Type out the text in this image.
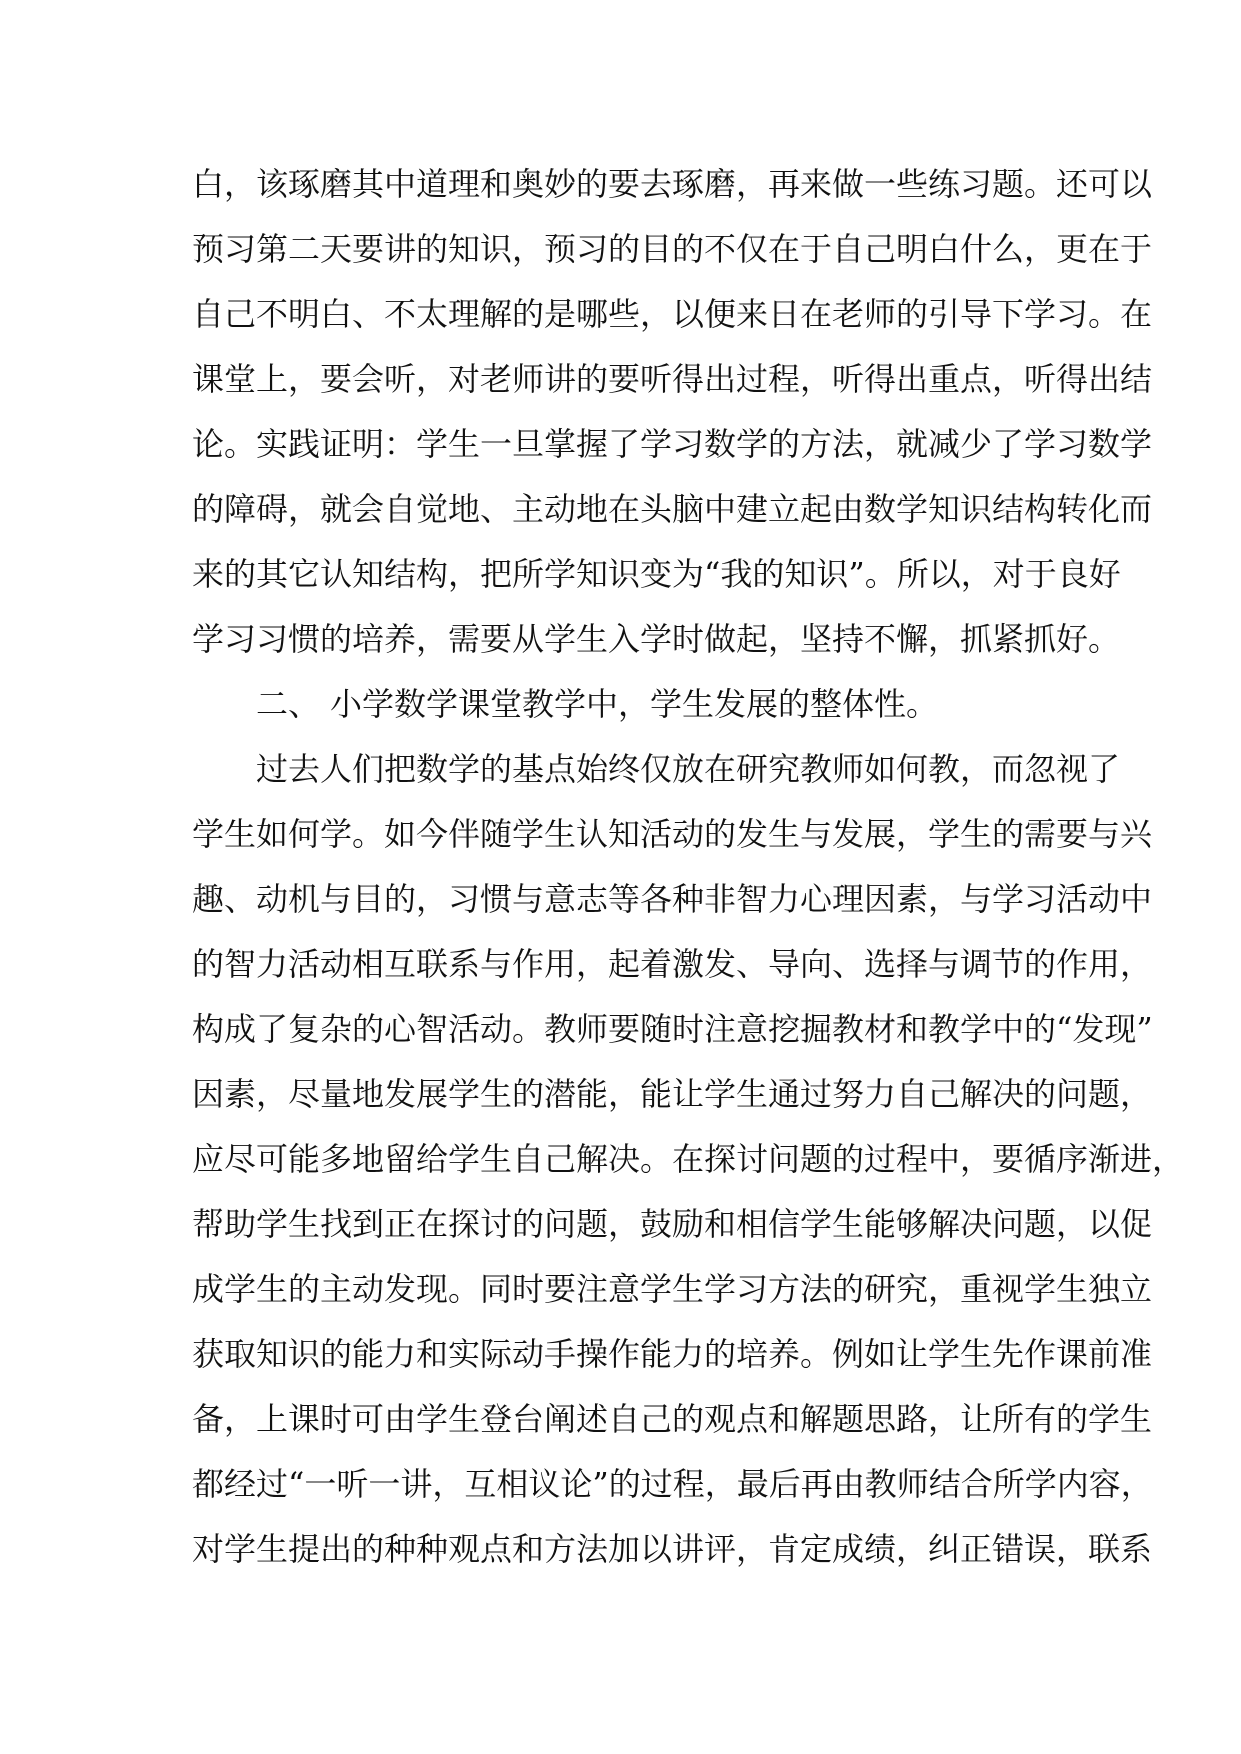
白，该琢磨其中道理和奥妙的要去琢磨，再来做一些练习题。还可以
预习第二天要讲的知识，预习的目的不仅在于自己明白什么，更在于
自己不明白、不太理解的是哪些，以便来日在老师的引导下学习。在
课堂上，要会听，对老师讲的要听得出过程，听得出重点，听得出结
论。实践证明：学生一旦掌握了学习数学的方法，就减少了学习数学
的障碍，就会自觉地、主动地在头脑中建立起由数学知识结构转化而
来的其它认知结构，把所学知识变为“我的知识”。所以，对于良好
学习习惯的培养，需要从学生入学时做起，坚持不懈，抓紧抓好。
二、 小学数学课堂教学中，学生发展的整体性。
过去人们把数学的基点始终仅放在研究教师如何教，而忽视了
学生如何学。如今伴随学生认知活动的发生与发展，学生的需要与兴
趣、动机与目的，习惯与意志等各种非智力心理因素，与学习活动中
的智力活动相互联系与作用，起着激发、导向、选择与调节的作用，
构成了复杂的心智活动。教师要随时注意挖掘教材和教学中的“发现”
因素，尽量地发展学生的潜能，能让学生通过努力自己解决的问题，
应尽可能多地留给学生自己解决。在探讨问题的过程中，要循序渐进，
帮助学生找到正在探讨的问题，鼓励和相信学生能够解决问题，以促
成学生的主动发现。同时要注意学生学习方法的研究，重视学生独立
获取知识的能力和实际动手操作能力的培养。例如让学生先作课前准
备，上课时可由学生登台阐述自己的观点和解题思路，让所有的学生
都经过“一听一讲，互相议论”的过程，最后再由教师结合所学内容，
对学生提出的种种观点和方法加以讲评，肯定成绩，纠正错误，联系
